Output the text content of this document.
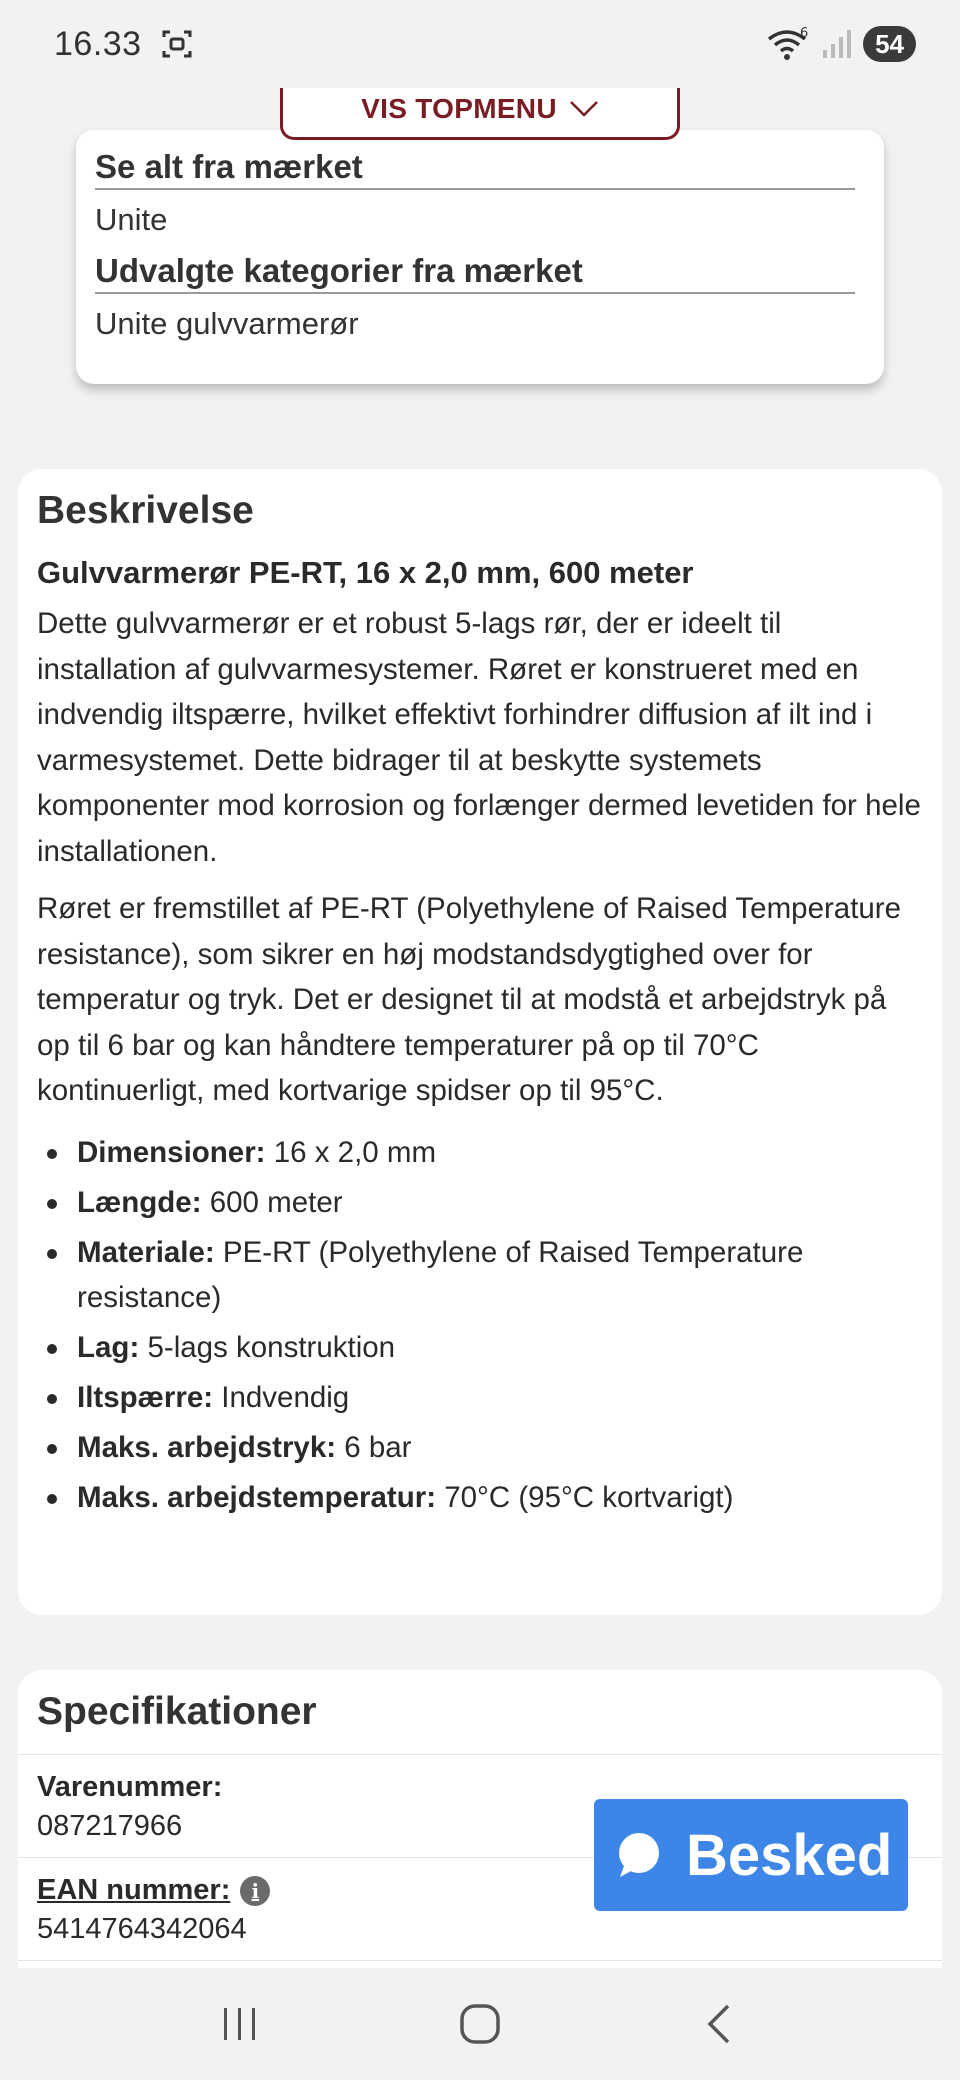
16.33	6	54
VIS TOPMENU
Se alt fra mærket
Unite
Udvalgte kategorier fra mærket
Unite gulvvarmerør
Beskrivelse
Gulvvarmerør PE-RT, 16 x 2,0 mm, 600 meter

Dette gulvvarmerør er et robust 5-lags rør, der er ideelt til installation af gulvvarmesystemer. Røret er konstrueret med en indvendig iltspærre, hvilket effektivt forhindrer diffusion af ilt ind i varmesystemet. Dette bidrager til at beskytte systemets komponenter mod korrosion og forlænger dermed levetiden for hele installationen.

Røret er fremstillet af PE-RT (Polyethylene of Raised Temperature resistance), som sikrer en høj modstandsdygtighed over for temperatur og tryk. Det er designet til at modstå et arbejdstryk på op til 6 bar og kan håndtere temperaturer på op til 70°C kontinuerligt, med kortvarige spidser op til 95°C.

Dimensioner: 16 x 2,0 mm
Længde: 600 meter
Materiale: PE-RT (Polyethylene of Raised Temperature resistance)
Lag: 5-lags konstruktion
Iltspærre: Indvendig
Maks. arbejdstryk: 6 bar
Maks. arbejdstemperatur: 70°C (95°C kortvarigt)
Specifikationer
Varenummer:
087217966
EAN nummer:	i
5414764342064
Besked
